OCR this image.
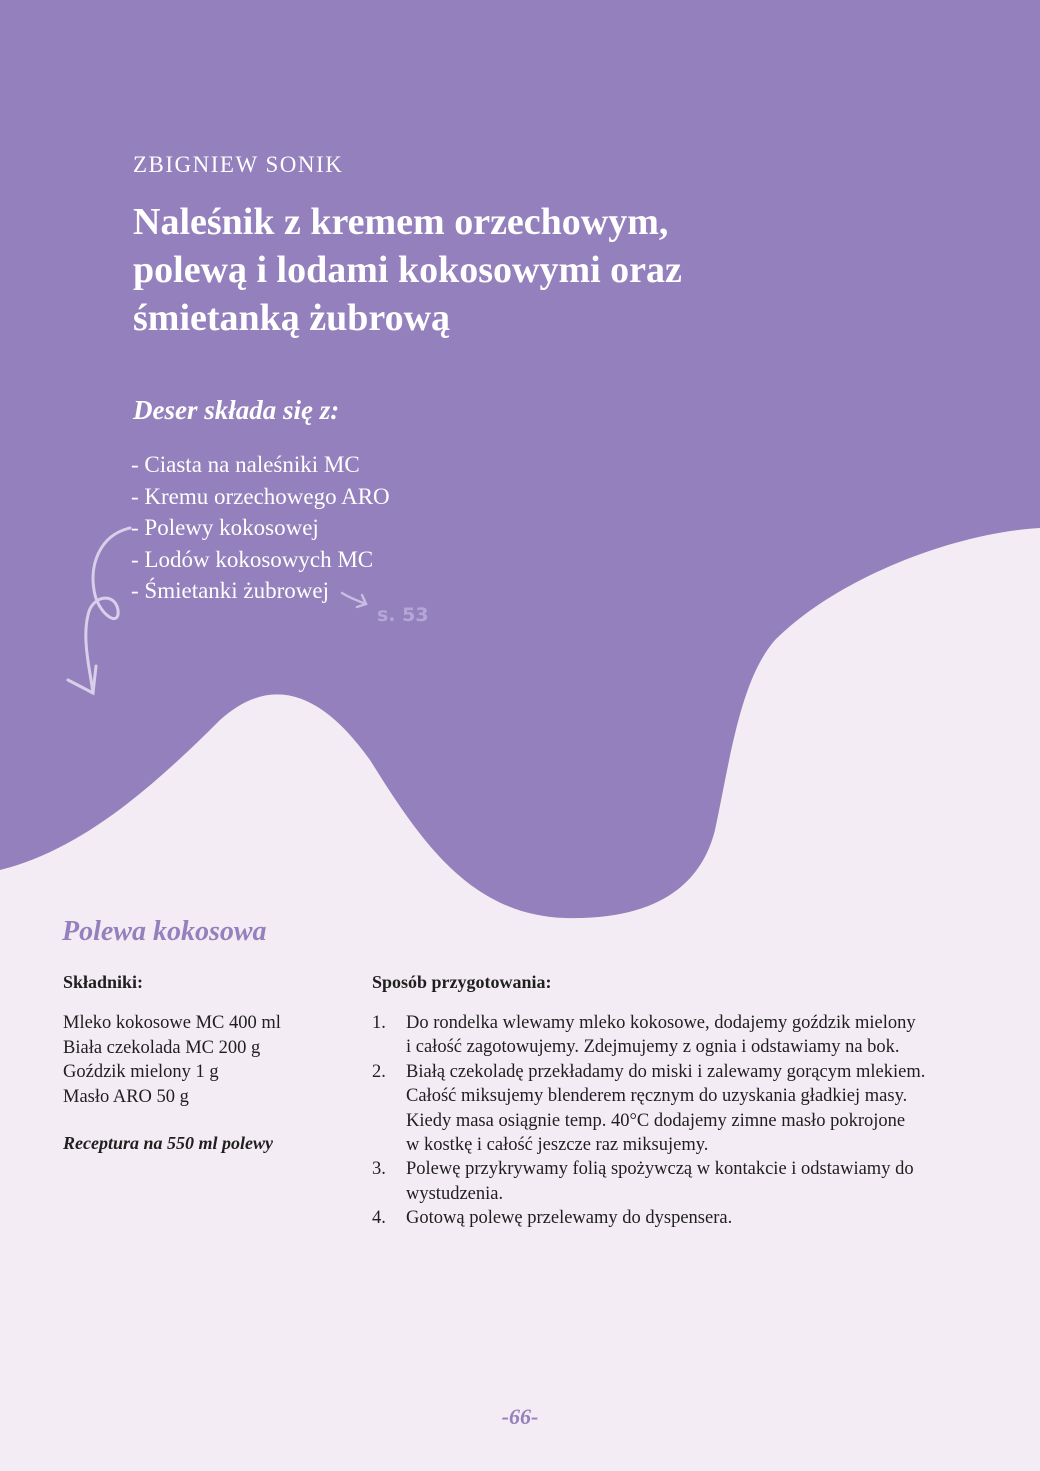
ZBIGNIEW SONIK
Naleśnik z kremem orzechowym,
polewą i lodami kokosowymi oraz
śmietanką żubrową
Deser składa się z:
- Ciasta na naleśniki MC
- Kremu orzechowego ARO
- Polewy kokosowej
- Lodów kokosowych MC
- Śmietanki żubrowej
s. 53
Polewa kokosowa
Składniki:
Mleko kokosowe MC 400 ml
Biała czekolada MC 200 g
Goździk mielony 1 g
Masło ARO 50 g
Receptura na 550 ml polewy
Sposób przygotowania:
1. Do rondelka wlewamy mleko kokosowe, dodajemy goździk mielony
i całość zagotowujemy. Zdejmujemy z ognia i odstawiamy na bok.
2. Białą czekoladę przekładamy do miski i zalewamy gorącym mlekiem.
Całość miksujemy blenderem ręcznym do uzyskania gładkiej masy.
Kiedy masa osiągnie temp. 40°C dodajemy zimne masło pokrojone
w kostkę i całość jeszcze raz miksujemy.
3. Polewę przykrywamy folią spożywczą w kontakcie i odstawiamy do
wystudzenia.
4. Gotową polewę przelewamy do dyspensera.
-66-
